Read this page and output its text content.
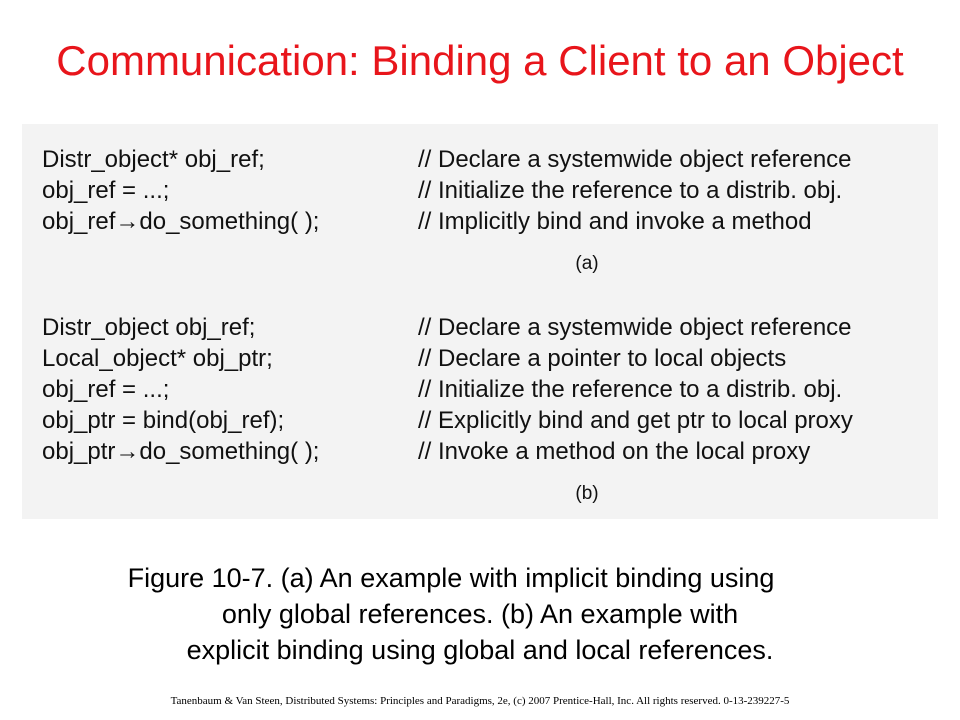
Communication: Binding a Client to an Object
Distr_object* obj_ref;	// Declare a systemwide object reference
obj_ref = ...;	// Initialize the reference to a distrib. obj.
obj_ref→do_something( );	// Implicitly bind and invoke a method
(a)
Distr_object obj_ref;	// Declare a systemwide object reference
Local_object* obj_ptr;	// Declare a pointer to local objects
obj_ref = ...;	// Initialize the reference to a distrib. obj.
obj_ptr = bind(obj_ref);	// Explicitly bind and get ptr to local proxy
obj_ptr→do_something( );	// Invoke a method on the local proxy
(b)
Figure 10-7. (a) An example with implicit binding using
only global references. (b) An example with
explicit binding using global and local references.
Tanenbaum & Van Steen, Distributed Systems: Principles and Paradigms, 2e, (c) 2007 Prentice-Hall, Inc. All rights reserved. 0-13-239227-5
